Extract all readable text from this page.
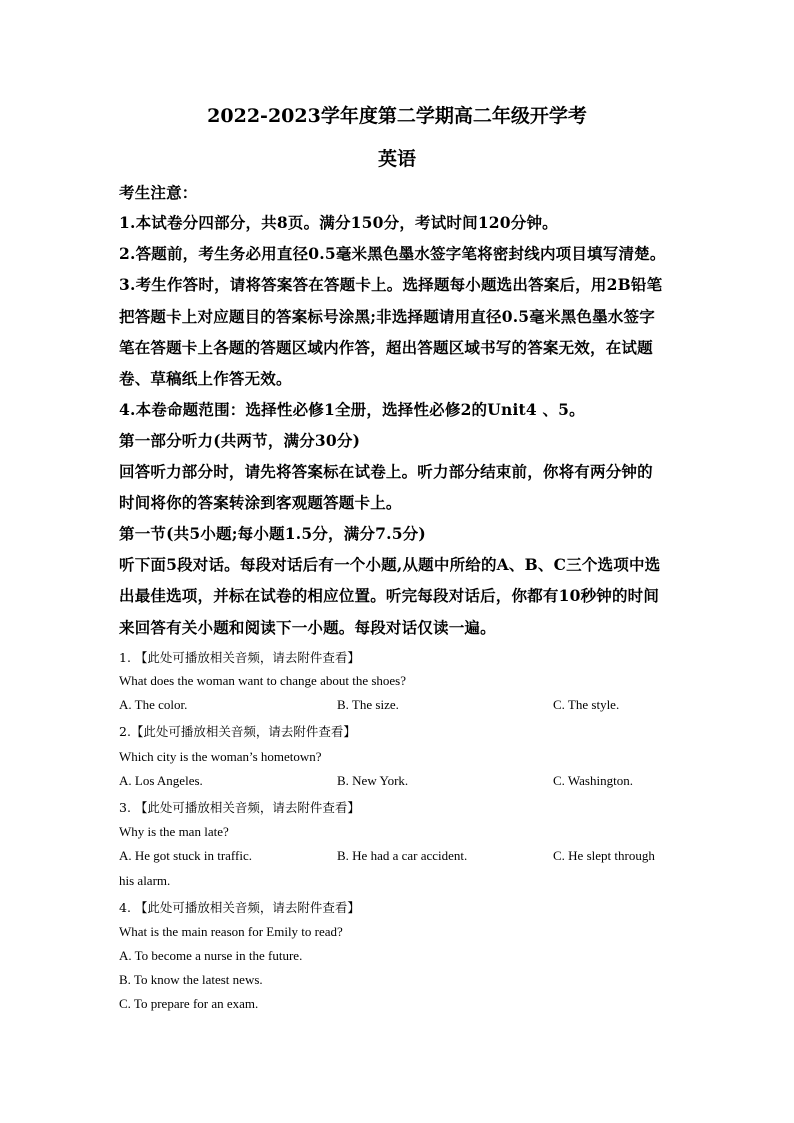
2022-2023学年度第二学期高二年级开学考
英语
考生注意：
1.本试卷分四部分，共8页。满分150分，考试时间120分钟。
2.答题前，考生务必用直径0.5毫米黑色墨水签字笔将密封线内项目填写清楚。
3.考生作答时，请将答案答在答题卡上。选择题每小题选出答案后，用2B铅笔
把答题卡上对应题目的答案标号涂黑;非选择题请用直径0.5毫米黑色墨水签字
笔在答题卡上各题的答题区域内作答，超出答题区域书写的答案无效，在试题
卷、草稿纸上作答无效。
4.本卷命题范围：选择性必修1全册，选择性必修2的Unit4 、5。
第一部分听力(共两节，满分30分)
回答听力部分时，请先将答案标在试卷上。听力部分结束前，你将有两分钟的
时间将你的答案转涂到客观题答题卡上。
第一节(共5小题;每小题1.5分，满分7.5分)
听下面5段对话。每段对话后有一个小题,从题中所给的A、B、C三个选项中选
出最佳选项，并标在试卷的相应位置。听完每段对话后，你都有10秒钟的时间
来回答有关小题和阅读下一小题。每段对话仅读一遍。
1. 【此处可播放相关音频，请去附件查看】
What does the woman want to change about the shoes?
A. The color.	B. The size.	C. The style.
2.【此处可播放相关音频，请去附件查看】
Which city is the woman’s hometown?
A. Los Angeles.	B. New York.	C. Washington.
3. 【此处可播放相关音频，请去附件查看】
Why is the man late?
A. He got stuck in traffic.	B. He had a car accident.	C. He slept through
his alarm.
4. 【此处可播放相关音频，请去附件查看】
What is the main reason for Emily to read?
A. To become a nurse in the future.
B. To know the latest news.
C. To prepare for an exam.
